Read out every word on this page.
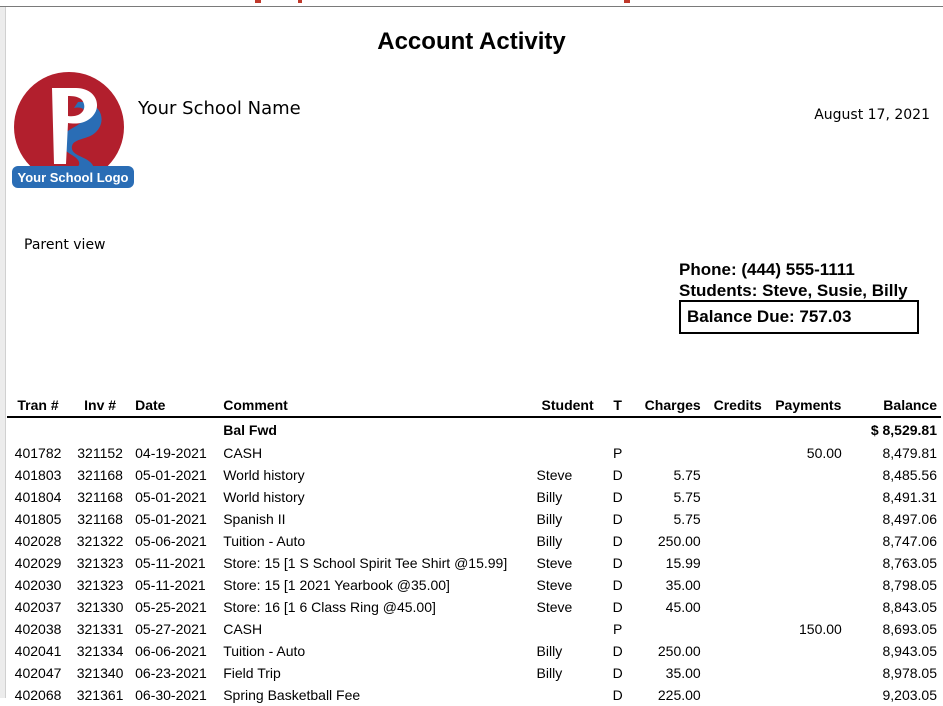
Account Activity
Your School Logo
Your School Name	August 17, 2021
Parent view
Phone: (444) 555-1111
Students: Steve, Susie, Billy
Balance Due: 757.03
Tran #	Inv #	Date	Comment	Student	T	Charges	Credits	Payments	Balance
			Bal Fwd						$ 8,529.81
401782	321152	04-19-2021	CASH		P			50.00	8,479.81
401803	321168	05-01-2021	World history	Steve	D	5.75			8,485.56
401804	321168	05-01-2021	World history	Billy	D	5.75			8,491.31
401805	321168	05-01-2021	Spanish II	Billy	D	5.75			8,497.06
402028	321322	05-06-2021	Tuition - Auto	Billy	D	250.00			8,747.06
402029	321323	05-11-2021	Store: 15 [1 S School Spirit Tee Shirt @15.99]	Steve	D	15.99			8,763.05
402030	321323	05-11-2021	Store: 15 [1 2021 Yearbook @35.00]	Steve	D	35.00			8,798.05
402037	321330	05-25-2021	Store: 16 [1 6 Class Ring @45.00]	Steve	D	45.00			8,843.05
402038	321331	05-27-2021	CASH		P			150.00	8,693.05
402041	321334	06-06-2021	Tuition - Auto	Billy	D	250.00			8,943.05
402047	321340	06-23-2021	Field Trip	Billy	D	35.00			8,978.05
402068	321361	06-30-2021	Spring Basketball Fee		D	225.00			9,203.05
